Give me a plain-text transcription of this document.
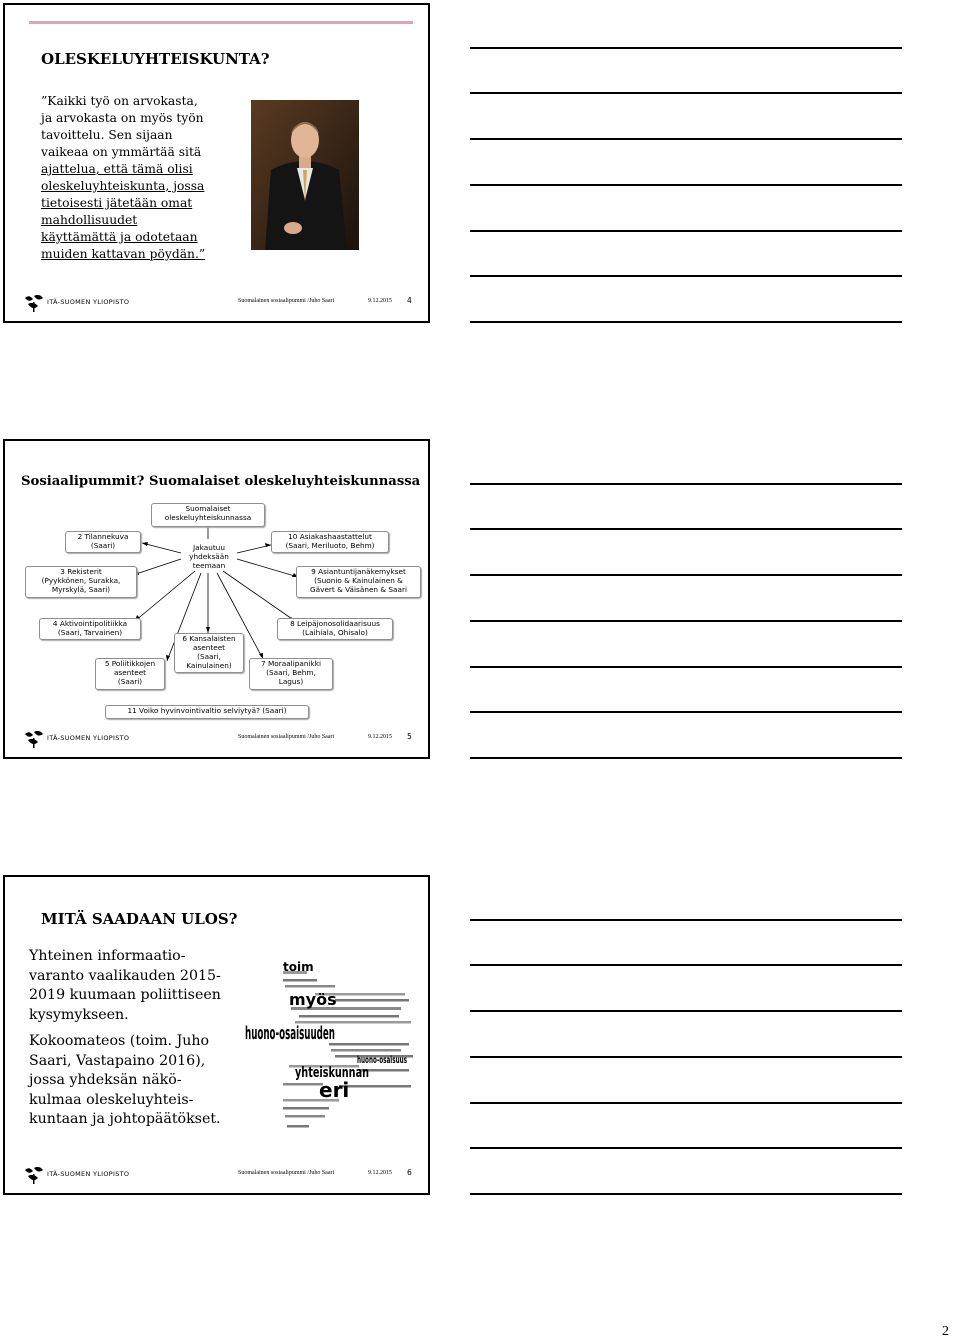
OLESKELUYHTEISKUNTA?
”Kaikki työ on arvokasta,
ja arvokasta on myös työn
tavoittelu. Sen sijaan
vaikeaa on ymmärtää sitä
ajattelua, että tämä olisi
oleskeluyhteiskunta, jossa
tietoisesti jätetään omat
mahdollisuudet
käyttämättä ja odotetaan
muiden kattavan pöydän.”
ITÄ-SUOMEN YLIOPISTO	Suomalainen sosiaalipummi /Juho Saari	9.12.2015 4
Sosiaalipummit? Suomalaiset oleskeluyhteiskunnassa
Suomalaiset
oleskeluyhteiskunnassa
Jakautuu
yhdeksään
teemaan
2 Tilannekuva
(Saari)
3 Rekisterit
(Pyykkönen, Surakka,
Myrskylä, Saari)
10 Asiakashaastattelut
(Saari, Meriluoto, Behm)
9 Asiantuntijanäkemykset
(Suonio & Kainulainen &
Gävert & Väisänen & Saari
4 Aktivointipolitiikka
(Saari, Tarvainen)
8 Leipäjonosolidaarisuus
(Laihiala, Ohisalo)
6 Kansalaisten
asenteet
(Saari,
Kainulainen)
5 Poliitikkojen
asenteet
(Saari)
7 Moraalipanikki
(Saari, Behm,
Lagus)
11 Voiko hyvinvointivaltio selviytyä? (Saari)
ITÄ-SUOMEN YLIOPISTO	Suomalainen sosiaalipummi /Juho Saari	9.12.2015 5
MITÄ SAADAAN ULOS?

Yhteinen informaatio-
varanto vaalikauden 2015-
2019 kuumaan poliittiseen
kysymykseen.

Kokoomateos (toim. Juho
Saari, Vastapaino 2016),
jossa yhdeksän näkö-
kulmaa oleskeluyhteis-
kuntaan ja johtopäätökset.

toim
myös
huono-osaisuuden
yhteiskunnan
huono-osaisuus
eri
ITÄ-SUOMEN YLIOPISTO	Suomalainen sosiaalipummi /Juho Saari	9.12.2015 6
2
